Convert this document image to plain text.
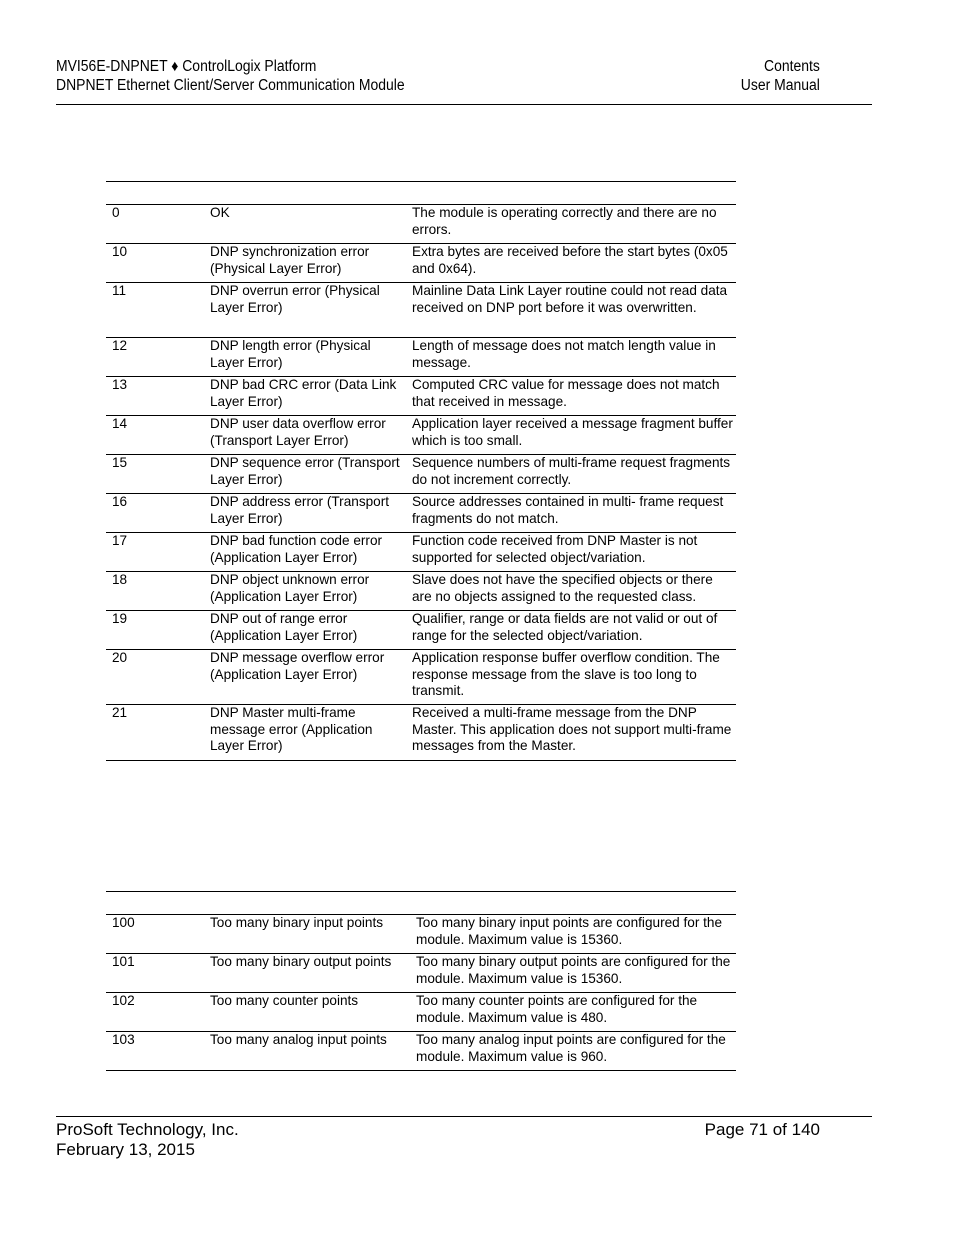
MVI56E-DNPNET ♦ ControlLogix Platform
DNPNET Ethernet Client/Server Communication Module
Contents
User Manual

0	OK	The module is operating correctly and there are no errors.
10	DNP synchronization error (Physical Layer Error)	Extra bytes are received before the start bytes (0x05 and 0x64).
11	DNP overrun error (Physical Layer Error)	Mainline Data Link Layer routine could not read data received on DNP port before it was overwritten.
12	DNP length error (Physical Layer Error)	Length of message does not match length value in message.
13	DNP bad CRC error (Data Link Layer Error)	Computed CRC value for message does not match that received in message.
14	DNP user data overflow error (Transport Layer Error)	Application layer received a message fragment buffer which is too small.
15	DNP sequence error (Transport Layer Error)	Sequence numbers of multi-frame request fragments do not increment correctly.
16	DNP address error (Transport Layer Error)	Source addresses contained in multi- frame request fragments do not match.
17	DNP bad function code error (Application Layer Error)	Function code received from DNP Master is not supported for selected object/variation.
18	DNP object unknown error (Application Layer Error)	Slave does not have the specified objects or there are no objects assigned to the requested class.
19	DNP out of range error (Application Layer Error)	Qualifier, range or data fields are not valid or out of range for the selected object/variation.
20	DNP message overflow error (Application Layer Error)	Application response buffer overflow condition. The response message from the slave is too long to transmit.
21	DNP Master multi-frame message error (Application Layer Error)	Received a multi-frame message from the DNP Master. This application does not support multi-frame messages from the Master.

100	Too many binary input points	Too many binary input points are configured for the module. Maximum value is 15360.
101	Too many binary output points	Too many binary output points are configured for the module. Maximum value is 15360.
102	Too many counter points	Too many counter points are configured for the module. Maximum value is 480.
103	Too many analog input points	Too many analog input points are configured for the module. Maximum value is 960.
ProSoft Technology, Inc.
February 13, 2015
Page 71 of 140
